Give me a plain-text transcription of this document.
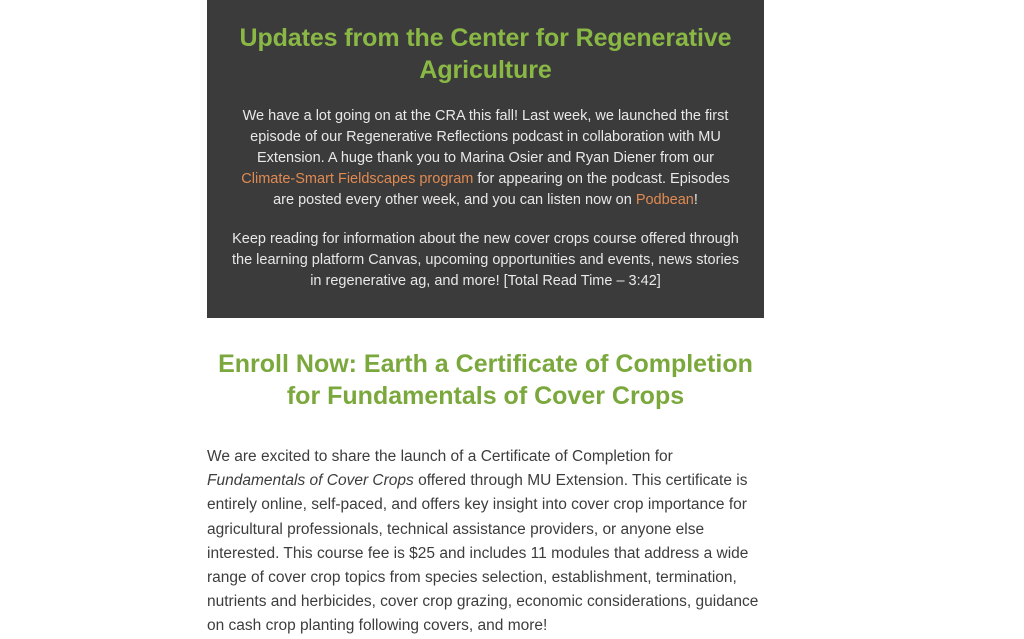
Updates from the Center for Regenerative Agriculture

We have a lot going on at the CRA this fall! Last week, we launched the first episode of our Regenerative Reflections podcast in collaboration with MU Extension. A huge thank you to Marina Osier and Ryan Diener from our Climate-Smart Fieldscapes program for appearing on the podcast. Episodes are posted every other week, and you can listen now on Podbean!

Keep reading for information about the new cover crops course offered through the learning platform Canvas, upcoming opportunities and events, news stories in regenerative ag, and more! [Total Read Time – 3:42]

Enroll Now: Earth a Certificate of Completion for Fundamentals of Cover Crops

We are excited to share the launch of a Certificate of Completion for Fundamentals of Cover Crops offered through MU Extension. This certificate is entirely online, self-paced, and offers key insight into cover crop importance for agricultural professionals, technical assistance providers, or anyone else interested. This course fee is $25 and includes 11 modules that address a wide range of cover crop topics from species selection, establishment, termination, nutrients and herbicides, cover crop grazing, economic considerations, guidance on cash crop planting following covers, and more!
